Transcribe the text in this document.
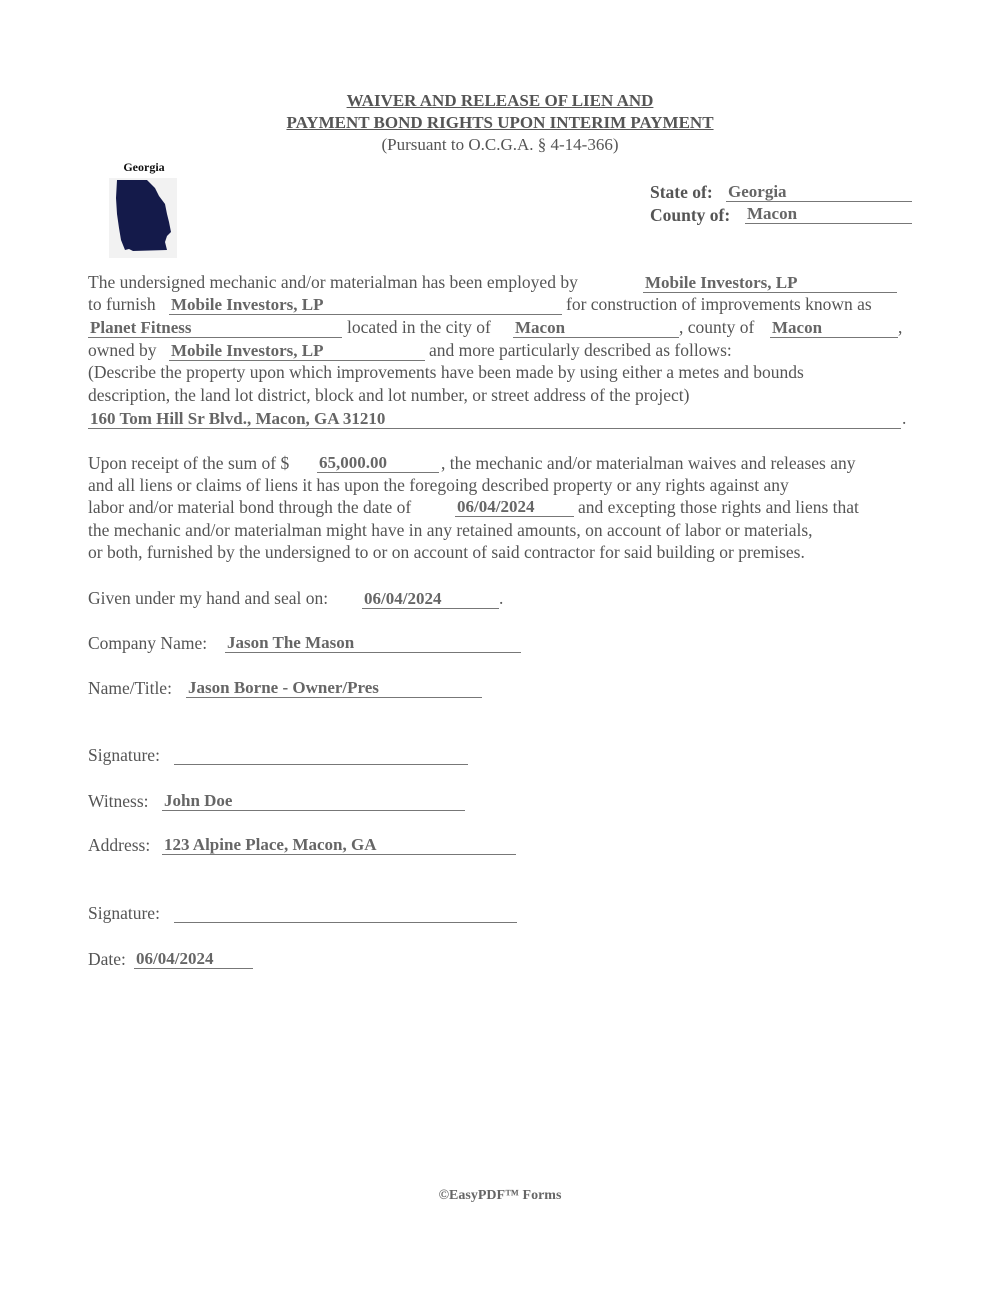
WAIVER AND RELEASE OF LIEN AND
PAYMENT BOND RIGHTS UPON INTERIM PAYMENT
(Pursuant to O.C.G.A. § 4-14-366)
Georgia
State of: Georgia
County of: Macon
The undersigned mechanic and/or materialman has been employed by	Mobile Investors, LP
to furnish Mobile Investors, LP	for construction of improvements known as
Planet Fitness	located in the city of Macon	, county of Macon	,
owned by Mobile Investors, LP	and more particularly described as follows:
(Describe the property upon which improvements have been made by using either a metes and bounds
description, the land lot district, block and lot number, or street address of the project)
160 Tom Hill Sr Blvd., Macon, GA 31210	.
Upon receipt of the sum of $ 65,000.00	, the mechanic and/or materialman waives and releases any
and all liens or claims of liens it has upon the foregoing described property or any rights against any
labor and/or material bond through the date of	06/04/2024	and excepting those rights and liens that
the mechanic and/or materialman might have in any retained amounts, on account of labor or materials,
or both, furnished by the undersigned to or on account of said contractor for said building or premises.
Given under my hand and seal on: 06/04/2024	.
Company Name: Jason The Mason
Name/Title: Jason Borne - Owner/Pres
Signature:
Witness: John Doe
Address: 123 Alpine Place, Macon, GA
Signature:
Date: 06/04/2024
©EasyPDF™ Forms
